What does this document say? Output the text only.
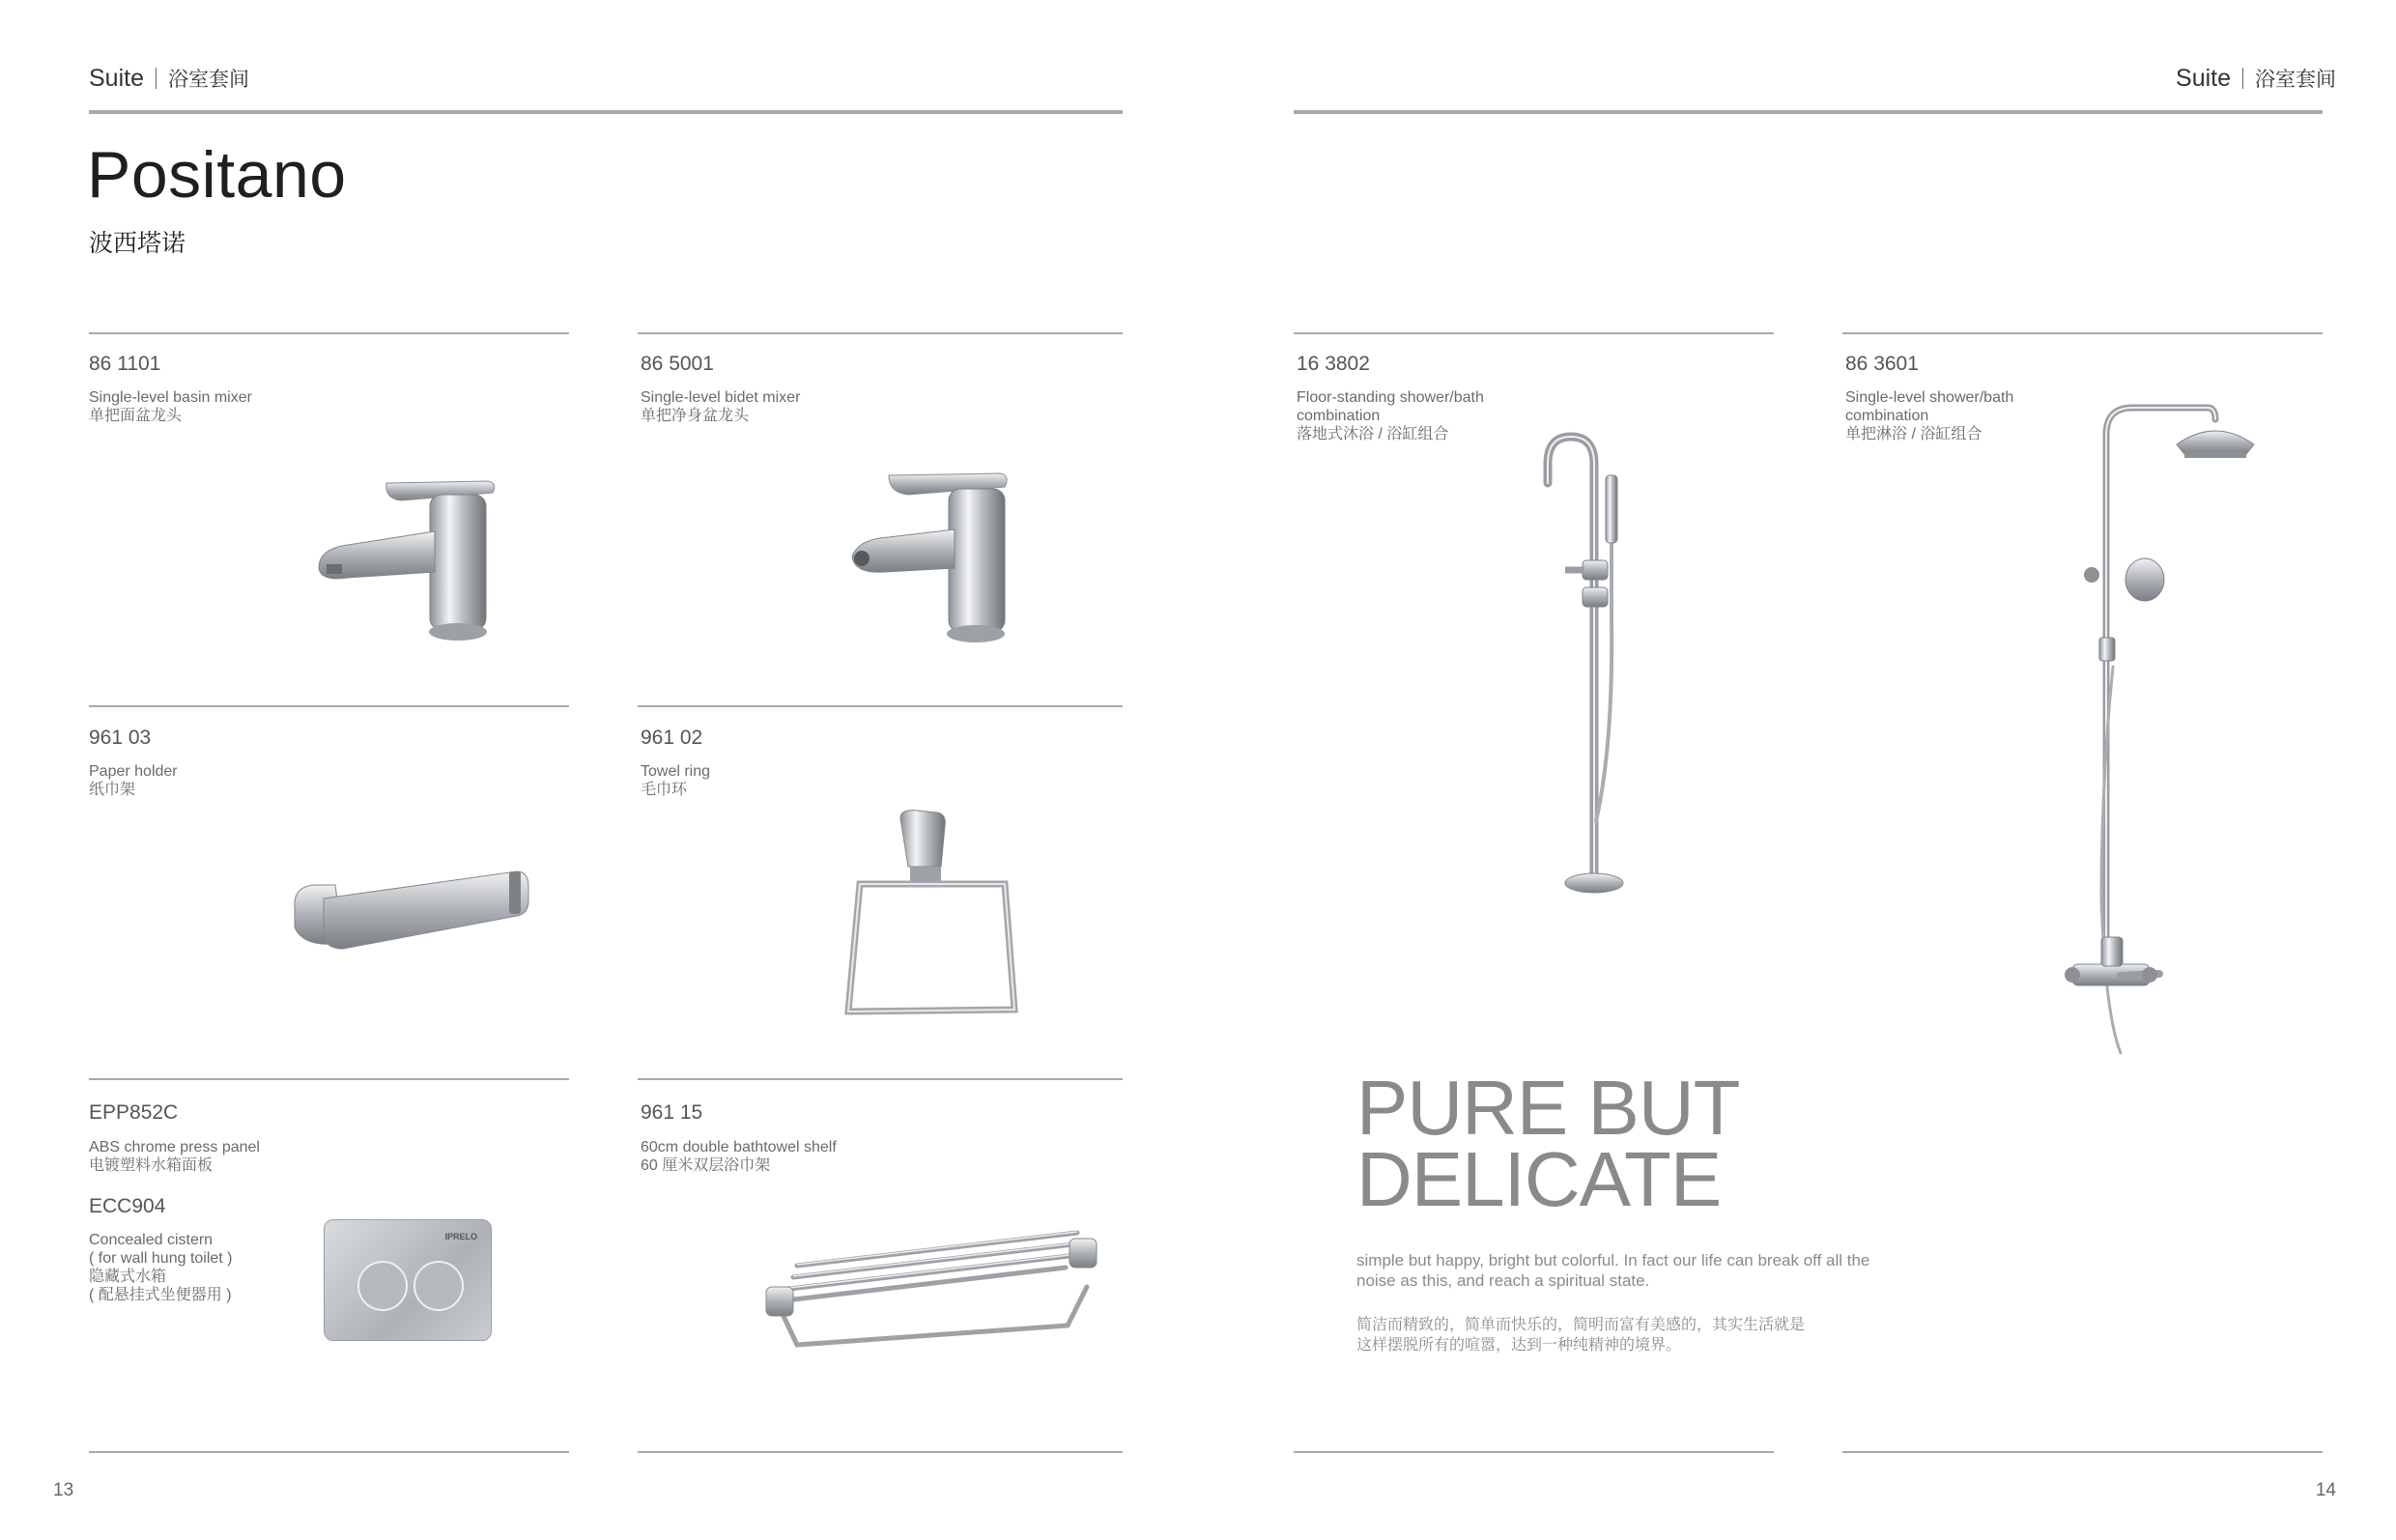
Suite 浴室套间	Suite 浴室套间
Positano
波西塔诺
86 1101
Single-level basin mixer
单把面盆龙头
86 5001
Single-level bidet mixer
单把净身盆龙头
961 03
Paper holder
纸巾架
961 02
Towel ring
毛巾环
EPP852C
ABS chrome press panel
电镀塑料水箱面板
ECC904
Concealed cistern
( for wall hung toilet )
隐藏式水箱
( 配悬挂式坐便器用 )
IPRELO
961 15
60cm double bathtowel shelf
60 厘米双层浴巾架
16 3802
Floor-standing shower/bath
combination
落地式沐浴 / 浴缸组合
86 3601
Single-level shower/bath
combination
单把淋浴 / 浴缸组合
PURE BUT
DELICATE
simple but happy, bright but colorful. In fact our life can break off all the
noise as this, and reach a spiritual state.
简洁而精致的，简单而快乐的，简明而富有美感的，其实生活就是
这样摆脱所有的喧嚣，达到一种纯精神的境界。
13	14
